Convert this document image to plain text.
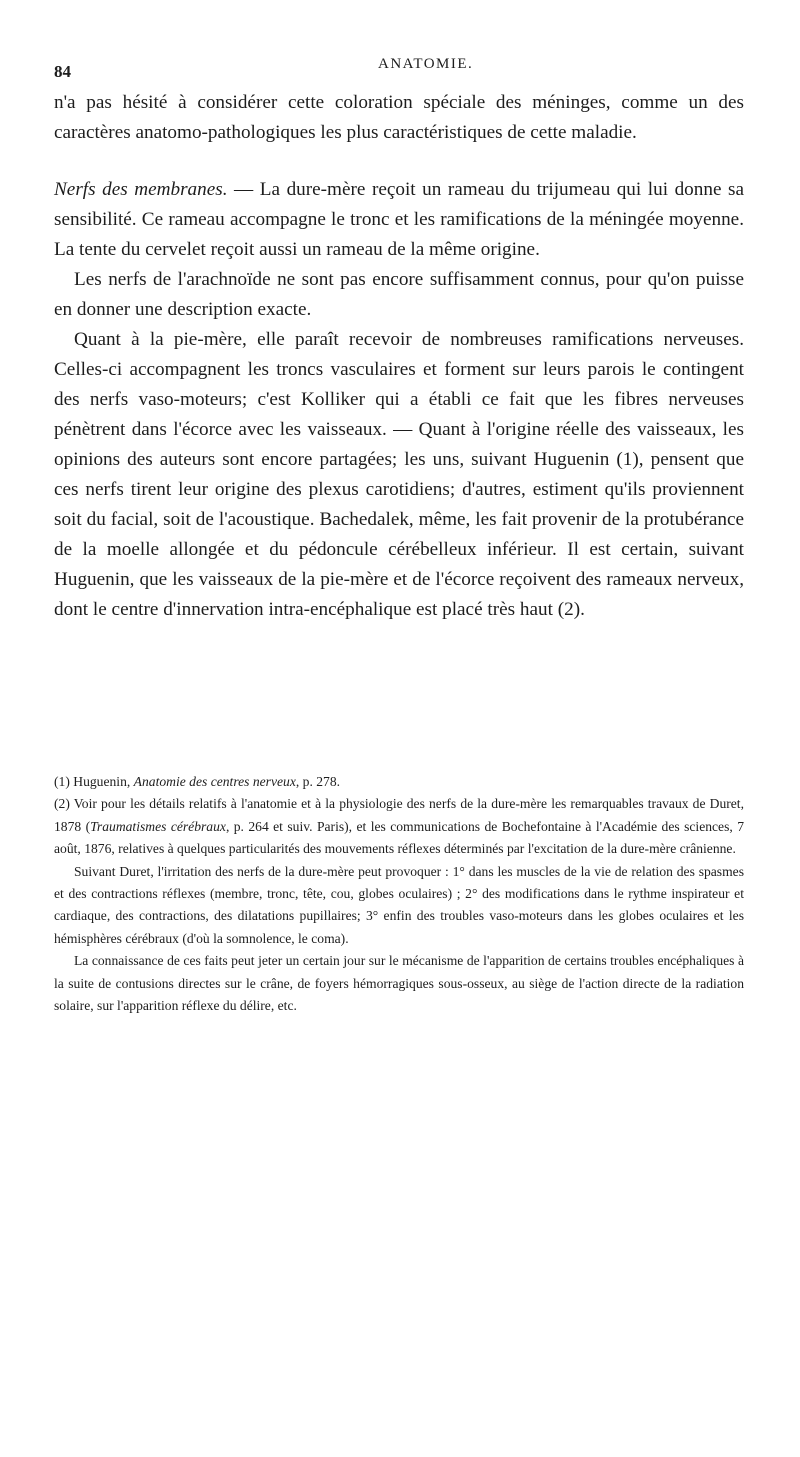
84	ANATOMIE.

n'a pas hésité à considérer cette coloration spéciale des méninges, comme un des caractères anatomo-pathologiques les plus caractéristiques de cette maladie.

Nerfs des membranes. — La dure-mère reçoit un rameau du trijumeau qui lui donne sa sensibilité. Ce rameau accompagne le tronc et les ramifications de la méningée moyenne. La tente du cervelet reçoit aussi un rameau de la même origine.

Les nerfs de l'arachnoïde ne sont pas encore suffisamment connus, pour qu'on puisse en donner une description exacte.

Quant à la pie-mère, elle paraît recevoir de nombreuses ramifications nerveuses. Celles-ci accompagnent les troncs vasculaires et forment sur leurs parois le contingent des nerfs vaso-moteurs; c'est Kolliker qui a établi ce fait que les fibres nerveuses pénètrent dans l'écorce avec les vaisseaux. — Quant à l'origine réelle des vaisseaux, les opinions des auteurs sont encore partagées; les uns, suivant Huguenin (1), pensent que ces nerfs tirent leur origine des plexus carotidiens; d'autres, estiment qu'ils proviennent soit du facial, soit de l'acoustique. Bachedalek, même, les fait provenir de la protubérance de la moelle allongée et du pédoncule cérébelleux inférieur. Il est certain, suivant Huguenin, que les vaisseaux de la pie-mère et de l'écorce reçoivent des rameaux nerveux, dont le centre d'innervation intra-encéphalique est placé très haut (2).

(1) Huguenin, Anatomie des centres nerveux, p. 278.

(2) Voir pour les détails relatifs à l'anatomie et à la physiologie des nerfs de la dure-mère les remarquables travaux de Duret, 1878 (Traumatismes cérébraux, p. 264 et suiv. Paris), et les communications de Bochefontaine à l'Académie des sciences, 7 août, 1876, relatives à quelques particularités des mouvements réflexes déterminés par l'excitation de la dure-mère crânienne.

Suivant Duret, l'irritation des nerfs de la dure-mère peut provoquer : 1° dans les muscles de la vie de relation des spasmes et des contractions réflexes (membre, tronc, tête, cou, globes oculaires) ; 2° des modifications dans le rythme inspirateur et cardiaque, des contractions, des dilatations pupillaires; 3° enfin des troubles vaso-moteurs dans les globes oculaires et les hémisphères cérébraux (d'où la somnolence, le coma).

La connaissance de ces faits peut jeter un certain jour sur le mécanisme de l'apparition de certains troubles encéphaliques à la suite de contusions directes sur le crâne, de foyers hémorragiques sous-osseux, au siège de l'action directe de la radiation solaire, sur l'apparition réflexe du délire, etc.
